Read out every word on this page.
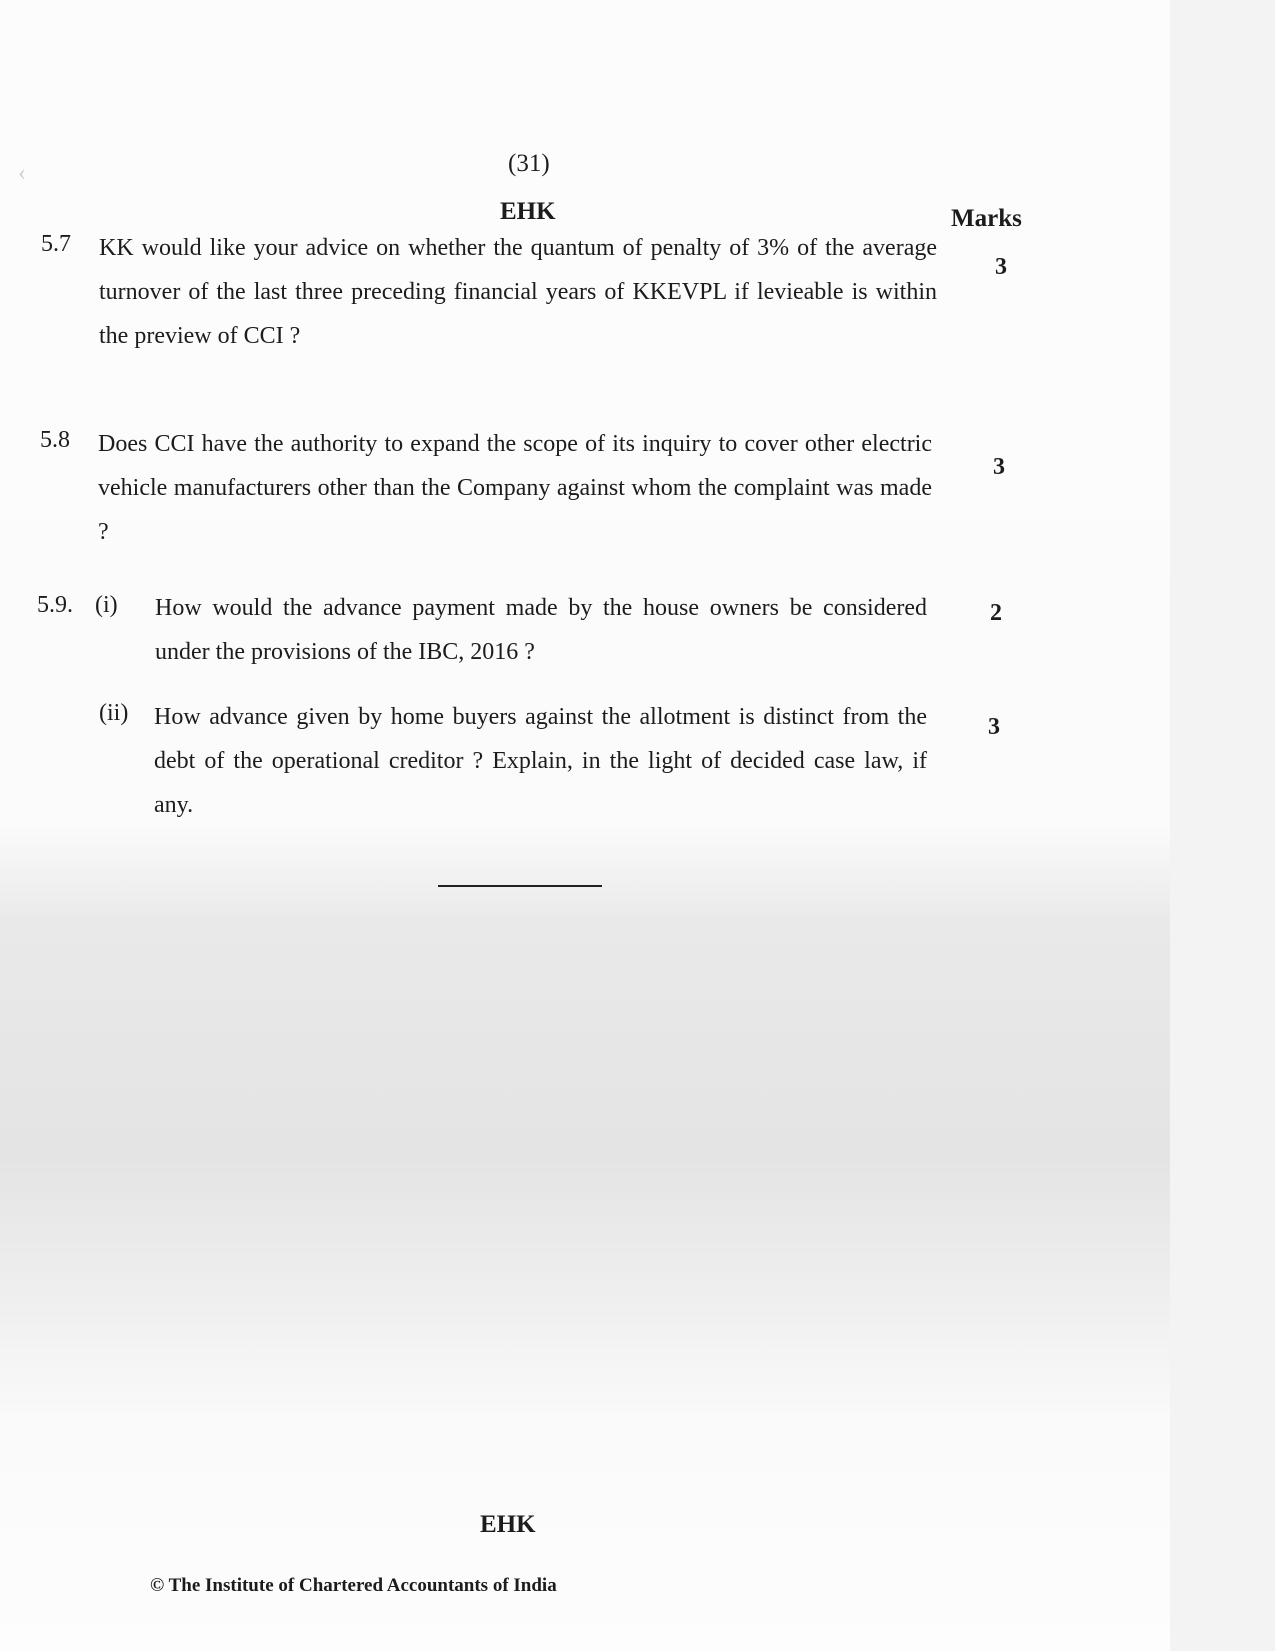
‹	(31)
EHK	Marks
5.7 KK would like your advice on whether the quantum of penalty of 3% of the average turnover of the last three preceding financial years of KKEVPL if levieable is within the preview of CCI ?

3
5.8 Does CCI have the authority to expand the scope of its inquiry to cover other electric vehicle manufacturers other than the Company against whom the complaint was made ?

3
5.9. (i) How would the advance payment made by the house owners be considered under the provisions of the IBC, 2016 ?

2
(ii) How advance given by home buyers against the allotment is distinct from the debt of the operational creditor ? Explain, in the light of decided case law, if any.

3
EHK
© The Institute of Chartered Accountants of India
